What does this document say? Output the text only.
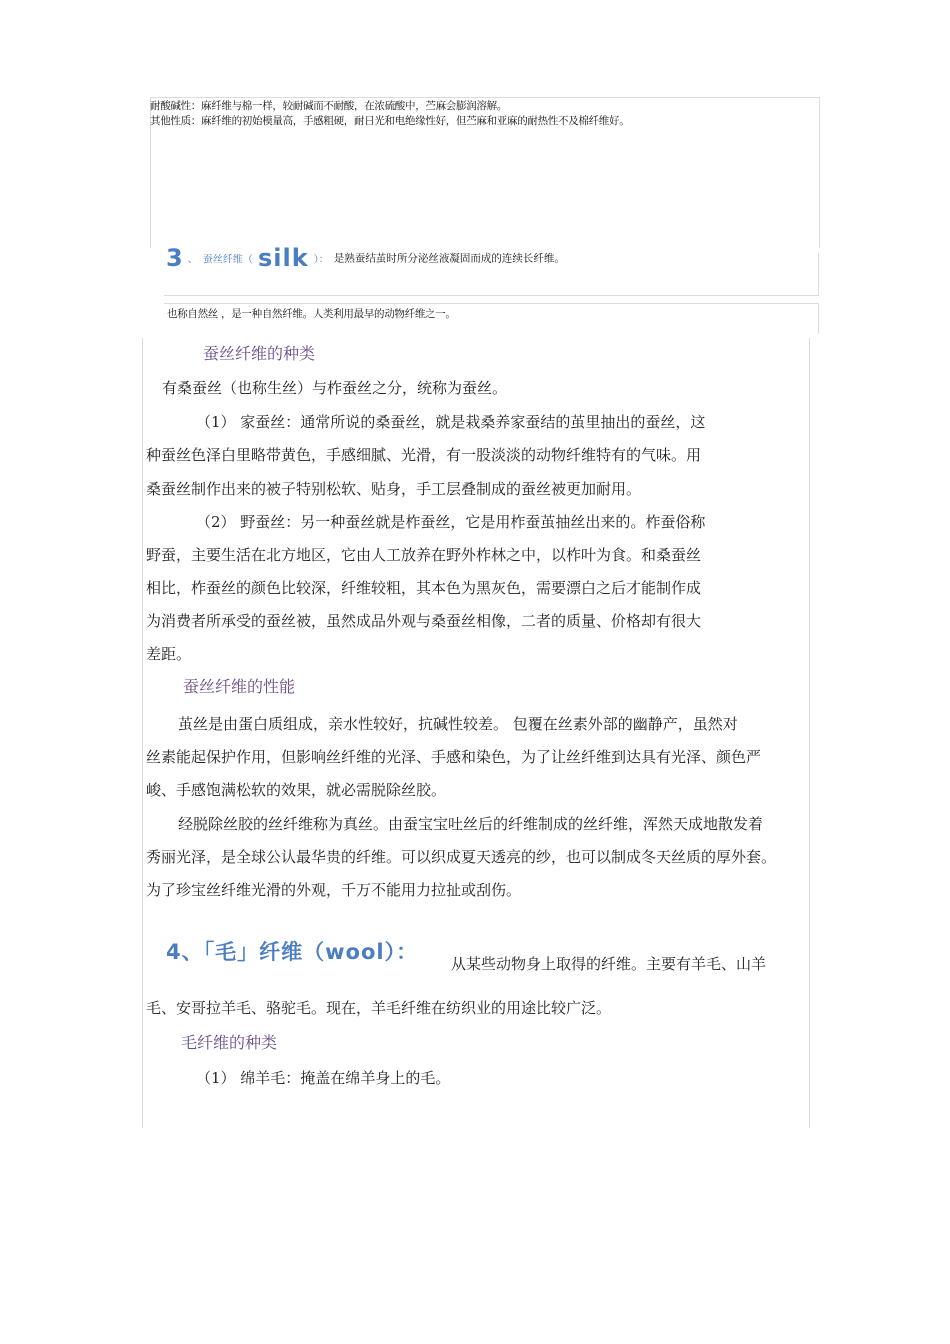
耐酸碱性：麻纤维与棉一样，较耐碱而不耐酸，在浓硫酸中，苎麻会膨润溶解。
其他性质：麻纤维的初始模量高，手感粗硬，耐日光和电绝缘性好，但苎麻和亚麻的耐热性不及棉纤维好。
3 、 蚕丝纤维（ silk ）： 是熟蚕结茧时所分泌丝液凝固而成的连续长纤维。
也称自然丝 ，是一种自然纤维。人类利用最早的动物纤维之一。
蚕丝纤维的种类
有桑蚕丝（也称生丝）与柞蚕丝之分，统称为蚕丝。
（1） 家蚕丝：通常所说的桑蚕丝，就是栽桑养家蚕结的茧里抽出的蚕丝，这
种蚕丝色泽白里略带黄色，手感细腻、光滑，有一股淡淡的动物纤维特有的气味。用
桑蚕丝制作出来的被子特别松软、贴身，手工层叠制成的蚕丝被更加耐用。
（2） 野蚕丝：另一种蚕丝就是柞蚕丝，它是用柞蚕茧抽丝出来的。柞蚕俗称
野蚕，主要生活在北方地区，它由人工放养在野外柞林之中，以柞叶为食。和桑蚕丝
相比，柞蚕丝的颜色比较深，纤维较粗，其本色为黑灰色，需要漂白之后才能制作成
为消费者所承受的蚕丝被，虽然成品外观与桑蚕丝相像，二者的质量、价格却有很大
差距。
蚕丝纤维的性能
茧丝是由蛋白质组成，亲水性较好，抗碱性较差。 包覆在丝素外部的幽静产，虽然对
丝素能起保护作用，但影响丝纤维的光泽、手感和染色，为了让丝纤维到达具有光泽、颜色严
峻、手感饱满松软的效果，就必需脱除丝胶。
经脱除丝胶的丝纤维称为真丝。由蚕宝宝吐丝后的纤维制成的丝纤维，浑然天成地散发着
秀丽光泽，是全球公认最华贵的纤维。可以织成夏天透亮的纱，也可以制成冬天丝质的厚外套。
为了珍宝丝纤维光滑的外观，千万不能用力拉扯或刮伤。
4、「毛」纤维（wool）： 从某些动物身上取得的纤维。主要有羊毛、山羊
毛、安哥拉羊毛、骆驼毛。现在，羊毛纤维在纺织业的用途比较广泛。
毛纤维的种类
（1） 绵羊毛：掩盖在绵羊身上的毛。
